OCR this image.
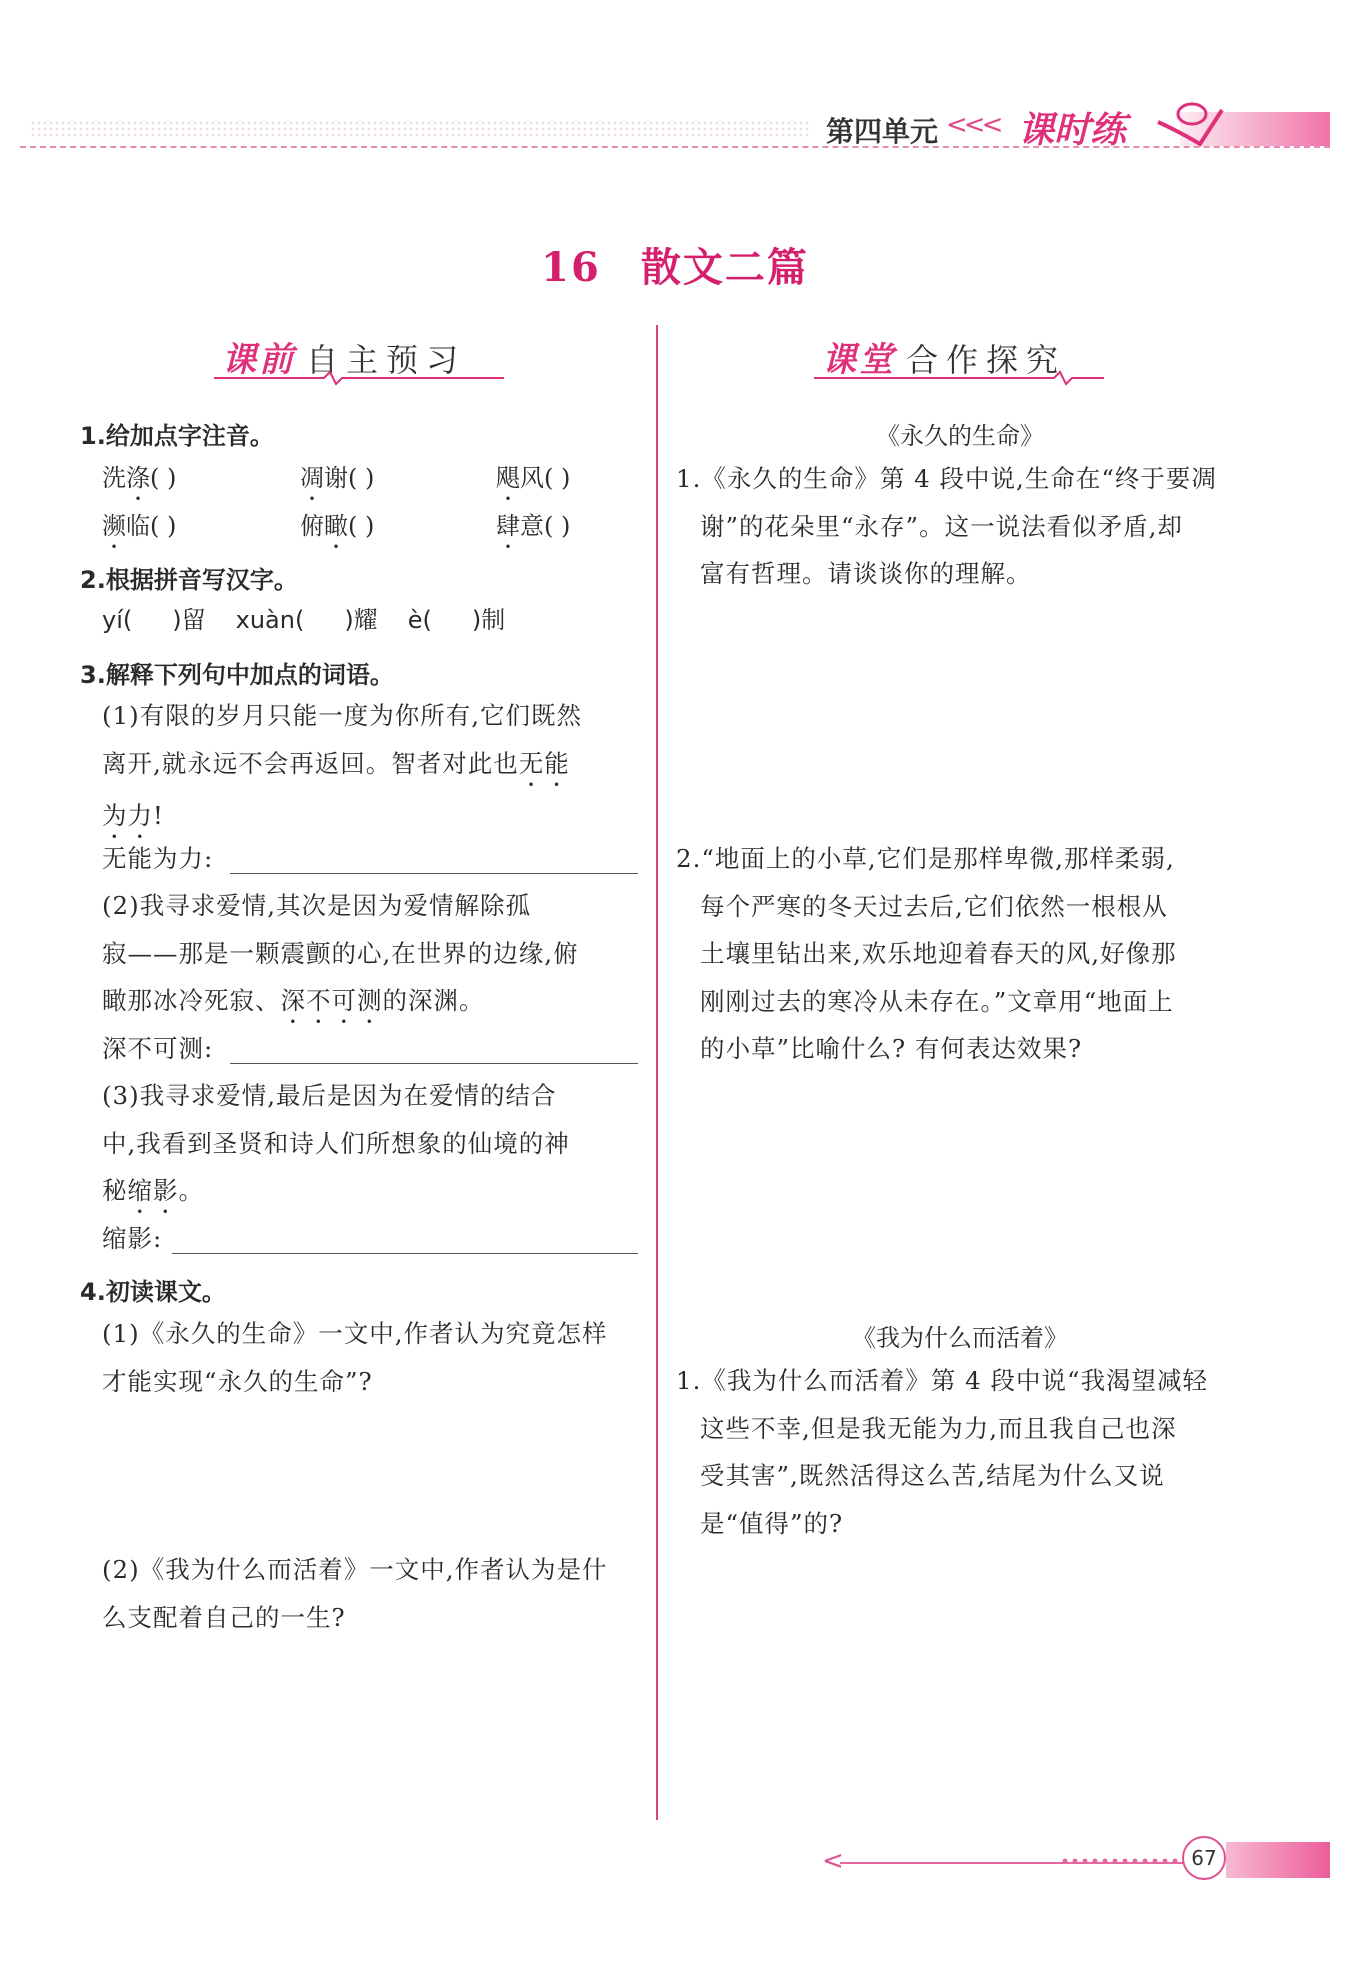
第四单元 <<< 课时练
16 散文二篇
课前 自主预习
1.给加点字注音。
洗涤( )	凋谢( )	飓风( )
濒临( )	俯瞰( )	肆意( )
2.根据拼音写汉字。
yí( )留 xuàn( )耀 è( )制
3.解释下列句中加点的词语。
(1)有限的岁月只能一度为你所有,它们既然
离开,就永远不会再返回。智者对此也无能
为力!
无能为力:
(2)我寻求爱情,其次是因为爱情解除孤
寂——那是一颗震颤的心,在世界的边缘,俯
瞰那冰冷死寂、深不可测的深渊。
深不可测:
(3)我寻求爱情,最后是因为在爱情的结合
中,我看到圣贤和诗人们所想象的仙境的神
秘缩影。
缩影:
4.初读课文。
(1)《永久的生命》一文中,作者认为究竟怎样
才能实现“永久的生命”?
(2)《我为什么而活着》一文中,作者认为是什
么支配着自己的一生?
课堂 合作探究
《永久的生命》
1.《永久的生命》第 4 段中说,生命在“终于要凋
谢”的花朵里“永存”。这一说法看似矛盾,却
富有哲理。请谈谈你的理解。
2.“地面上的小草,它们是那样卑微,那样柔弱,
每个严寒的冬天过去后,它们依然一根根从
土壤里钻出来,欢乐地迎着春天的风,好像那
刚刚过去的寒冷从未存在。”文章用“地面上
的小草”比喻什么? 有何表达效果?
《我为什么而活着》
1.《我为什么而活着》第 4 段中说“我渴望减轻
这些不幸,但是我无能为力,而且我自己也深
受其害”,既然活得这么苦,结尾为什么又说
是“值得”的?
<	67
